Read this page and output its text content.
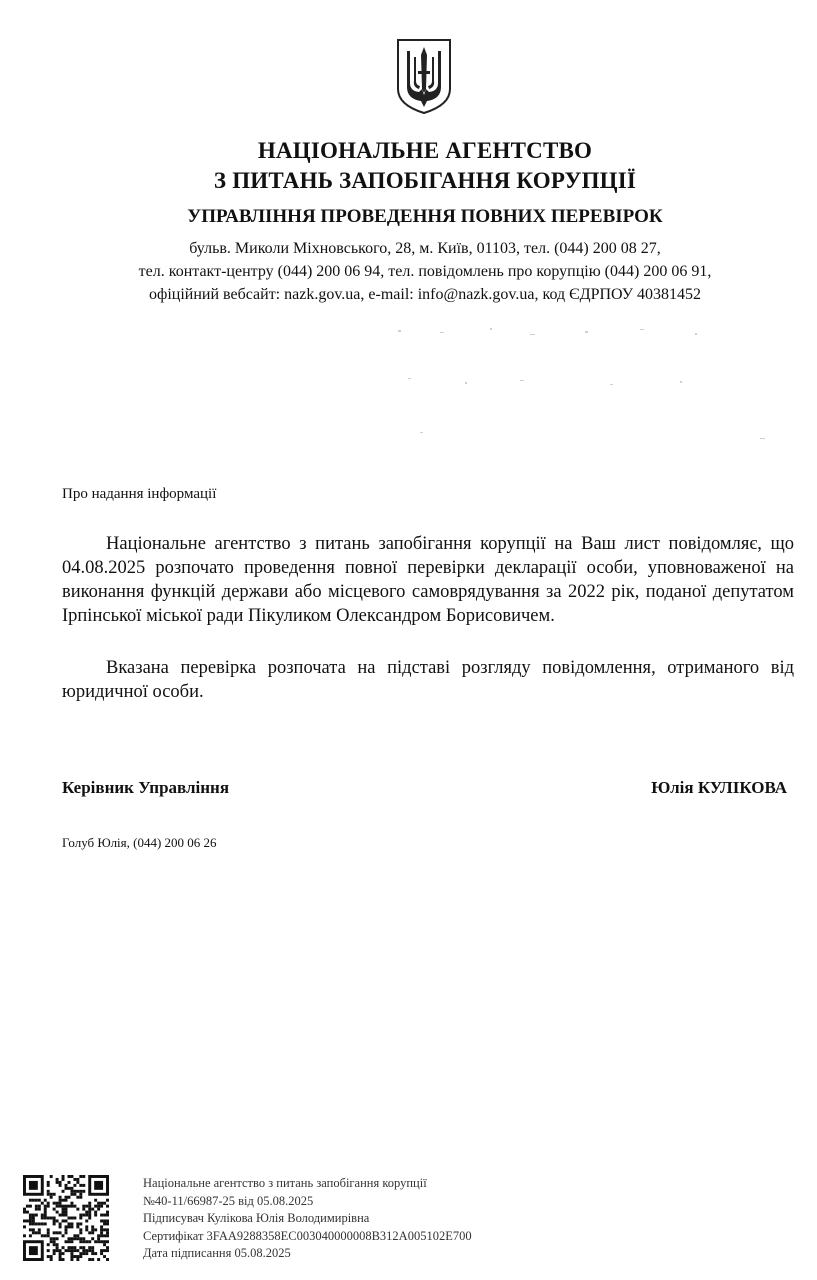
НАЦІОНАЛЬНЕ АГЕНТСТВО
З ПИТАНЬ ЗАПОБІГАННЯ КОРУПЦІЇ
УПРАВЛІННЯ ПРОВЕДЕННЯ ПОВНИХ ПЕРЕВІРОК
бульв. Миколи Міхновського, 28, м. Київ, 01103, тел. (044) 200 08 27,
тел. контакт-центру (044) 200 06 94, тел. повідомлень про корупцію (044) 200 06 91,
офіційний вебсайт: nazk.gov.ua, e-mail: info@nazk.gov.ua, код ЄДРПОУ 40381452
Про надання інформації
Національне агентство з питань запобігання корупції на Ваш лист повідомляє, що 04.08.2025 розпочато проведення повної перевірки декларації особи, уповноваженої на виконання функцій держави або місцевого самоврядування за 2022 рік, поданої депутатом Ірпінської міської ради Пікуликом Олександром Борисовичем.
Вказана перевірка розпочата на підставі розгляду повідомлення, отриманого від юридичної особи.
Керівник Управління	Юлія КУЛІКОВА
Голуб Юлія, (044) 200 06 26
Національне агентство з питань запобігання корупції
№40-11/66987-25 від 05.08.2025
Підписувач Кулікова Юлія Володимирівна
Сертифікат 3FAA9288358EC003040000008B312A005102E700
Дата підписання 05.08.2025
